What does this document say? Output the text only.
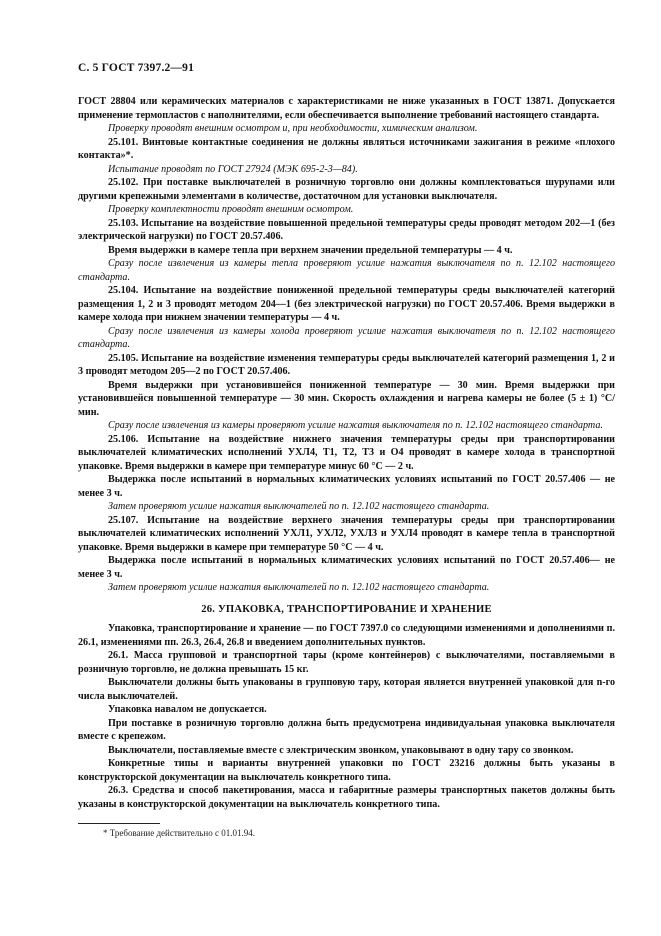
С. 5 ГОСТ 7397.2—91

ГОСТ 28804 или керамических материалов с характеристиками не ниже указанных в ГОСТ 13871. Допускается применение термопластов с наполнителями, если обеспечивается выполнение требований настоящего стандарта.

Проверку проводят внешним осмотром и, при необходимости, химическим анализом.

25.101. Винтовые контактные соединения не должны являться источниками зажигания в режиме «плохого контакта»*.

Испытание проводят по ГОСТ 27924 (МЭК 695-2-3—84).

25.102. При поставке выключателей в розничную торговлю они должны комплектоваться шурупами или другими крепежными элементами в количестве, достаточном для установки выключателя.

Проверку комплектности проводят внешним осмотром.

25.103. Испытание на воздействие повышенной предельной температуры среды проводят методом 202—1 (без электрической нагрузки) по ГОСТ 20.57.406.

Время выдержки в камере тепла при верхнем значении предельной температуры — 4 ч.

Сразу после извлечения из камеры тепла проверяют усилие нажатия выключателя по п. 12.102 настоящего стандарта.

25.104. Испытание на воздействие пониженной предельной температуры среды выключателей категорий размещения 1, 2 и 3 проводят методом 204—1 (без электрической нагрузки) по ГОСТ 20.57.406. Время выдержки в камере холода при нижнем значении температуры — 4 ч.

Сразу после извлечения из камеры холода проверяют усилие нажатия выключателя по п. 12.102 настоящего стандарта.

25.105. Испытание на воздействие изменения температуры среды выключателей категорий размещения 1, 2 и 3 проводят методом 205—2 по ГОСТ 20.57.406.

Время выдержки при установившейся пониженной температуре — 30 мин. Время выдержки при установившейся повышенной температуре — 30 мин. Скорость охлаждения и нагрева камеры не более (5 ± 1) °С/мин.

Сразу после извлечения из камеры проверяют усилие нажатия выключателя по п. 12.102 настоящего стандарта.

25.106. Испытание на воздействие нижнего значения температуры среды при транспортировании выключателей климатических исполнений УХЛ4, Т1, Т2, Т3 и О4 проводят в камере холода в транспортной упаковке. Время выдержки в камере при температуре минус 60 °С — 2 ч.

Выдержка после испытаний в нормальных климатических условиях испытаний по ГОСТ 20.57.406 — не менее 3 ч.

Затем проверяют усилие нажатия выключателей по п. 12.102 настоящего стандарта.

25.107. Испытание на воздействие верхнего значения температуры среды при транспортировании выключателей климатических исполнений УХЛ1, УХЛ2, УХЛ3 и УХЛ4 проводят в камере тепла в транспортной упаковке. Время выдержки в камере при температуре 50 °С — 4 ч.

Выдержка после испытаний в нормальных климатических условиях испытаний по ГОСТ 20.57.406— не менее 3 ч.

Затем проверяют усилие нажатия выключателей по п. 12.102 настоящего стандарта.

26. УПАКОВКА, ТРАНСПОРТИРОВАНИЕ И ХРАНЕНИЕ

Упаковка, транспортирование и хранение — по ГОСТ 7397.0 со следующими изменениями и дополнениями п. 26.1, изменениями пп. 26.3, 26.4, 26.8 и введением дополнительных пунктов.

26.1. Масса групповой и транспортной тары (кроме контейнеров) с выключателями, поставляемыми в розничную торговлю, не должна превышать 15 кг.

Выключатели должны быть упакованы в групповую тару, которая является внутренней упаковкой для n-го числа выключателей.

Упаковка навалом не допускается.

При поставке в розничную торговлю должна быть предусмотрена индивидуальная упаковка выключателя вместе с крепежом.

Выключатели, поставляемые вместе с электрическим звонком, упаковывают в одну тару со звонком.

Конкретные типы и варианты внутренней упаковки по ГОСТ 23216 должны быть указаны в конструкторской документации на выключатель конкретного типа.

26.3. Средства и способ пакетирования, масса и габаритные размеры транспортных пакетов должны быть указаны в конструкторской документации на выключатель конкретного типа.

* Требование действительно с 01.01.94.
